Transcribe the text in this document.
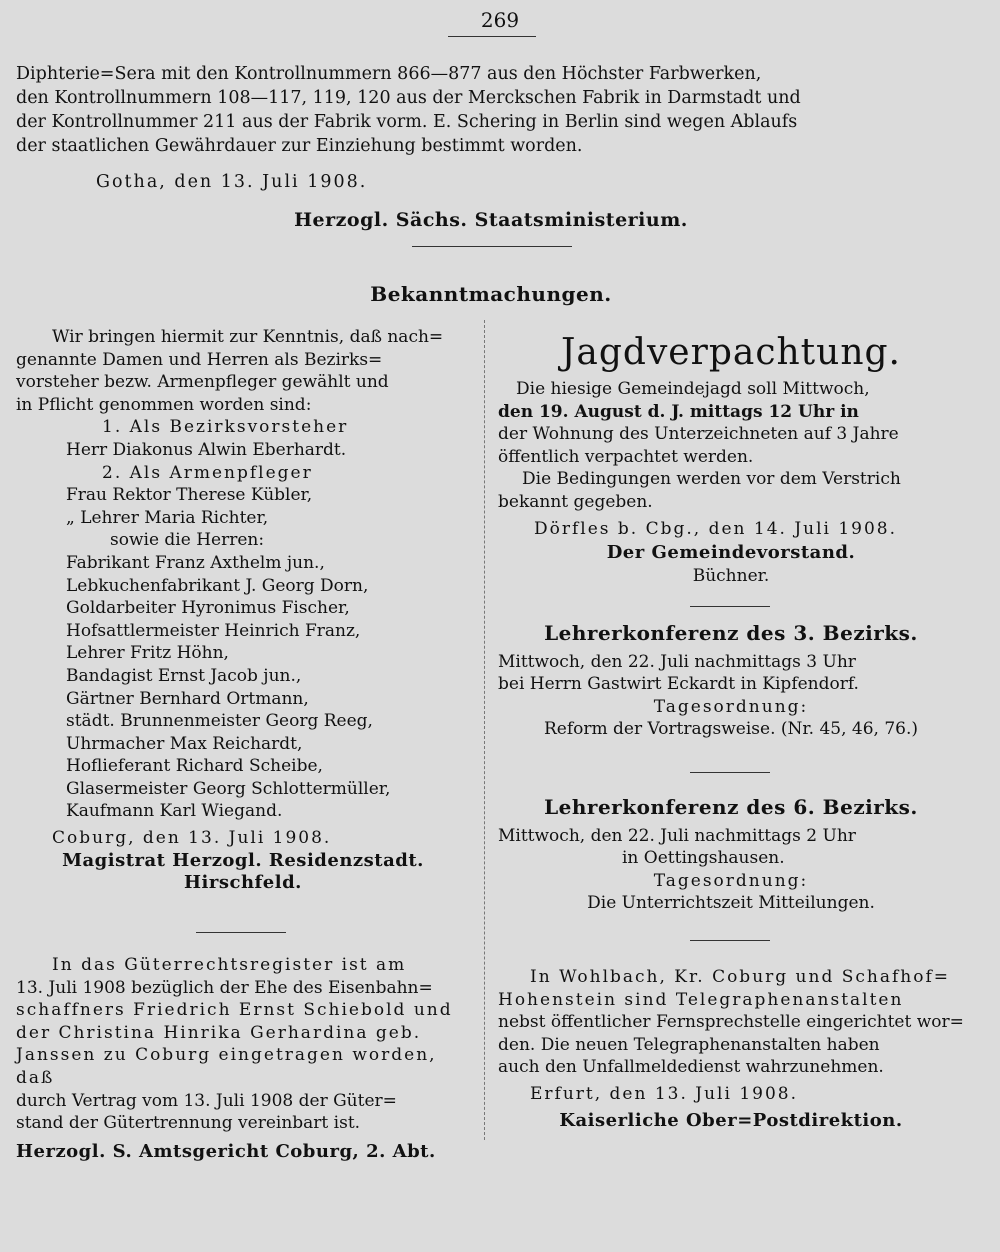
269

Diphterie=Sera mit den Kontrollnummern 866—877 aus den Höchster Farbwerken,

den Kontrollnummern 108—117, 119, 120 aus der Merckschen Fabrik in Darmstadt und

der Kontrollnummer 211 aus der Fabrik vorm. E. Schering in Berlin sind wegen Ablaufs

der staatlichen Gewährdauer zur Einziehung bestimmt worden.

Gotha, den 13. Juli 1908.

Herzogl. Sächs. Staatsministerium.

Bekanntmachungen.

Wir bringen hiermit zur Kenntnis, daß nach=

genannte Damen und Herren als Bezirks=

vorsteher bezw. Armenpfleger gewählt und

in Pflicht genommen worden sind:

1. Als Bezirksvorsteher

Herr Diakonus Alwin Eberhardt.

2. Als Armenpfleger

Frau Rektor Therese Kübler,

„ Lehrer Maria Richter,

sowie die Herren:

Fabrikant Franz Axthelm jun.,

Lebkuchenfabrikant J. Georg Dorn,

Goldarbeiter Hyronimus Fischer,

Hofsattlermeister Heinrich Franz,

Lehrer Fritz Höhn,

Bandagist Ernst Jacob jun.,

Gärtner Bernhard Ortmann,

städt. Brunnenmeister Georg Reeg,

Uhrmacher Max Reichardt,

Hoflieferant Richard Scheibe,

Glasermeister Georg Schlottermüller,

Kaufmann Karl Wiegand.

Coburg, den 13. Juli 1908.

Magistrat Herzogl. Residenzstadt.

Hirschfeld.

In das Güterrechtsregister ist am

13. Juli 1908 bezüglich der Ehe des Eisenbahn=

schaffners Friedrich Ernst Schiebold und

der Christina Hinrika Gerhardina geb.

Janssen zu Coburg eingetragen worden, daß

durch Vertrag vom 13. Juli 1908 der Güter=

stand der Gütertrennung vereinbart ist.

Herzogl. S. Amtsgericht Coburg, 2. Abt.

Jagdverpachtung.

Die hiesige Gemeindejagd soll Mittwoch,

den 19. August d. J. mittags 12 Uhr in

der Wohnung des Unterzeichneten auf 3 Jahre

öffentlich verpachtet werden.

Die Bedingungen werden vor dem Verstrich

bekannt gegeben.

Dörfles b. Cbg., den 14. Juli 1908.

Der Gemeindevorstand.

Büchner.

Lehrerkonferenz des 3. Bezirks.

Mittwoch, den 22. Juli nachmittags 3 Uhr

bei Herrn Gastwirt Eckardt in Kipfendorf.

Tagesordnung:

Reform der Vortragsweise. (Nr. 45, 46, 76.)

Lehrerkonferenz des 6. Bezirks.

Mittwoch, den 22. Juli nachmittags 2 Uhr

in Oettingshausen.

Tagesordnung:

Die Unterrichtszeit Mitteilungen.

In Wohlbach, Kr. Coburg und Schafhof=

Hohenstein sind Telegraphenanstalten

nebst öffentlicher Fernsprechstelle eingerichtet wor=

den. Die neuen Telegraphenanstalten haben

auch den Unfallmeldedienst wahrzunehmen.

Erfurt, den 13. Juli 1908.

Kaiserliche Ober=Postdirektion.
